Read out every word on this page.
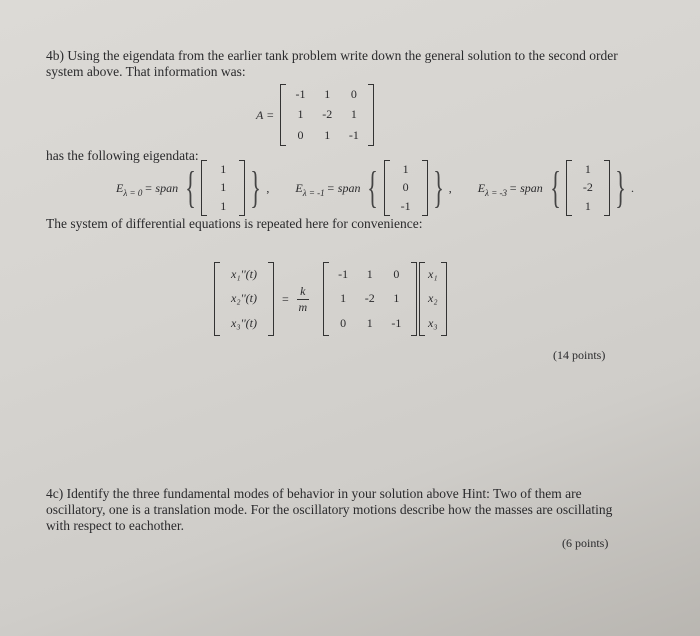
4b) Using the eigendata from the earlier tank problem write down the general solution to the second order system above. That information was:
A =
-1	1	0
1	-2	1
0	1	-1
has the following eigendata:
$E_{\lambda = 0}$ = span {	1
1
1 } , $E_{\lambda = -1}$ = span {	1
0
-1 } , $E_{\lambda = -3}$ = span {	1
-2
1 } .
The system of differential equations is repeated here for convenience:
x₁''(t)
x₂''(t)
x₃''(t)
= $\frac{k}{m}$
-1	1	0
1	-2	1
0	1	-1
x₁
x₂
x₃
(14 points)
4c) Identify the three fundamental modes of behavior in your solution above Hint: Two of them are oscillatory, one is a translation mode. For the oscillatory motions describe how the masses are oscillating with respect to eachother.
(6 points)
